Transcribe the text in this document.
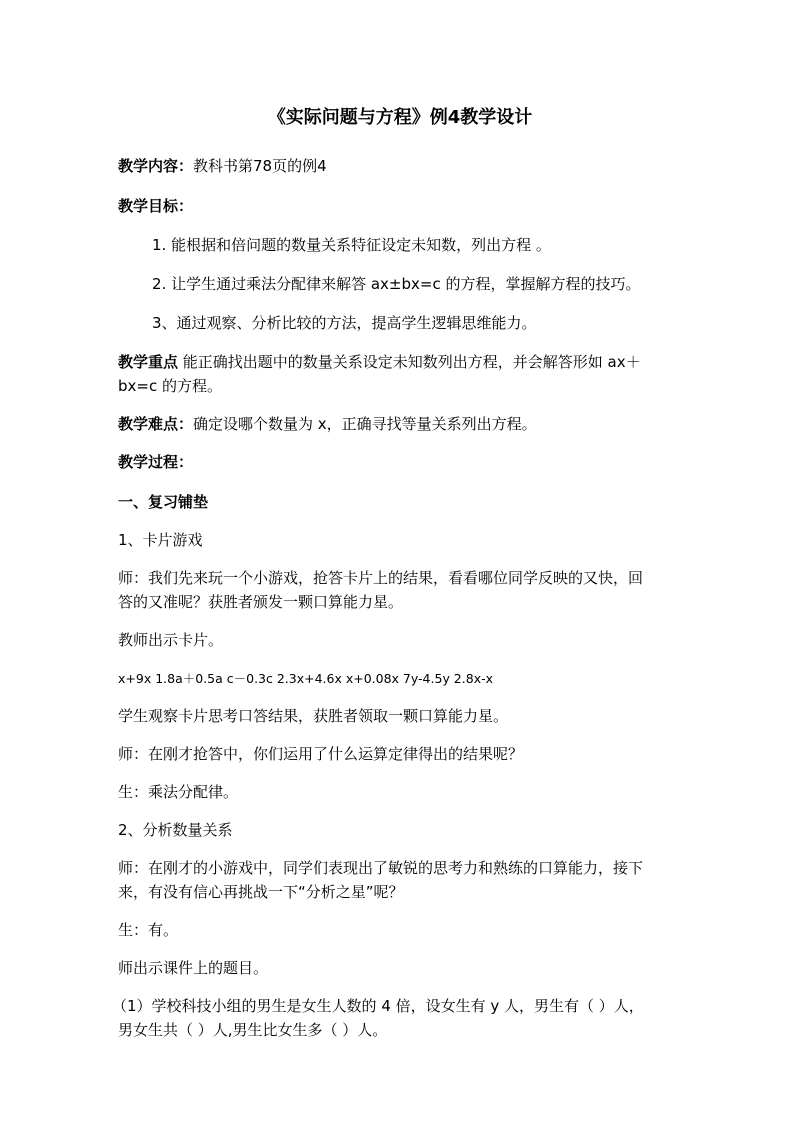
《实际问题与方程》例4教学设计
教学内容：教科书第78页的例4
教学目标：
1. 能根据和倍问题的数量关系特征设定未知数，列出方程 。
2. 让学生通过乘法分配律来解答 ax±bx=c 的方程，掌握解方程的技巧。
3、通过观察、分析比较的方法，提高学生逻辑思维能力。
教学重点 能正确找出题中的数量关系设定未知数列出方程，并会解答形如 ax＋
bx=c 的方程。
教学难点：确定设哪个数量为 x，正确寻找等量关系列出方程。
教学过程：
一、复习铺垫
1、卡片游戏
师：我们先来玩一个小游戏，抢答卡片上的结果，看看哪位同学反映的又快，回
答的又准呢？获胜者颁发一颗口算能力星。
教师出示卡片。
x+9x 1.8a＋0.5a c－0.3c 2.3x+4.6x x+0.08x 7y-4.5y 2.8x-x
学生观察卡片思考口答结果，获胜者领取一颗口算能力星。
师：在刚才抢答中，你们运用了什么运算定律得出的结果呢？
生：乘法分配律。
2、分析数量关系
师：在刚才的小游戏中，同学们表现出了敏锐的思考力和熟练的口算能力，接下
来，有没有信心再挑战一下“分析之星”呢？
生：有。
师出示课件上的题目。
（1）学校科技小组的男生是女生人数的 4 倍，设女生有 y 人，男生有（ ）人，
男女生共（ ）人,男生比女生多（ ）人。
